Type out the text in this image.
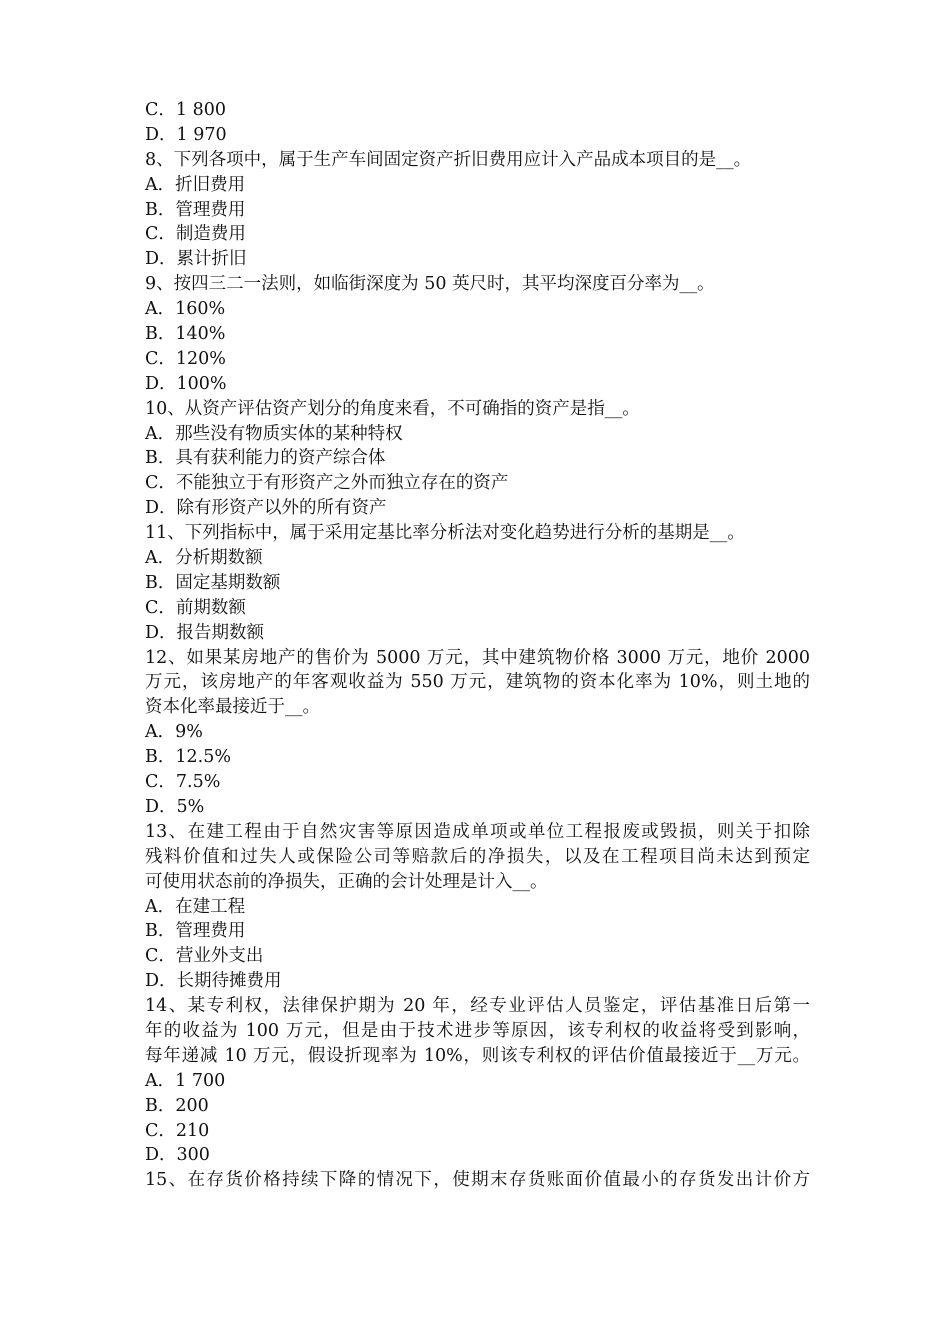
C．1 800
D．1 970
8、下列各项中，属于生产车间固定资产折旧费用应计入产品成本项目的是__。
A．折旧费用
B．管理费用
C．制造费用
D．累计折旧
9、按四三二一法则，如临街深度为 50 英尺时，其平均深度百分率为__。
A．160%
B．140%
C．120%
D．100%
10、从资产评估资产划分的角度来看，不可确指的资产是指__。
A．那些没有物质实体的某种特权
B．具有获利能力的资产综合体
C．不能独立于有形资产之外而独立存在的资产
D．除有形资产以外的所有资产
11、下列指标中，属于采用定基比率分析法对变化趋势进行分析的基期是__。
A．分析期数额
B．固定基期数额
C．前期数额
D．报告期数额
12、如果某房地产的售价为 5000 万元，其中建筑物价格 3000 万元，地价 2000
万元，该房地产的年客观收益为 550 万元，建筑物的资本化率为 10%，则土地的
资本化率最接近于__。
A．9%
B．12.5%
C．7.5%
D．5%
13、在建工程由于自然灾害等原因造成单项或单位工程报废或毁损，则关于扣除
残料价值和过失人或保险公司等赔款后的净损失，以及在工程项目尚未达到预定
可使用状态前的净损失，正确的会计处理是计入__。
A．在建工程
B．管理费用
C．营业外支出
D．长期待摊费用
14、某专利权，法律保护期为 20 年，经专业评估人员鉴定，评估基准日后第一
年的收益为 100 万元，但是由于技术进步等原因，该专利权的收益将受到影响，
每年递减 10 万元，假设折现率为 10%，则该专利权的评估价值最接近于__万元。
A．1 700
B．200
C．210
D．300
15、在存货价格持续下降的情况下，使期末存货账面价值最小的存货发出计价方
